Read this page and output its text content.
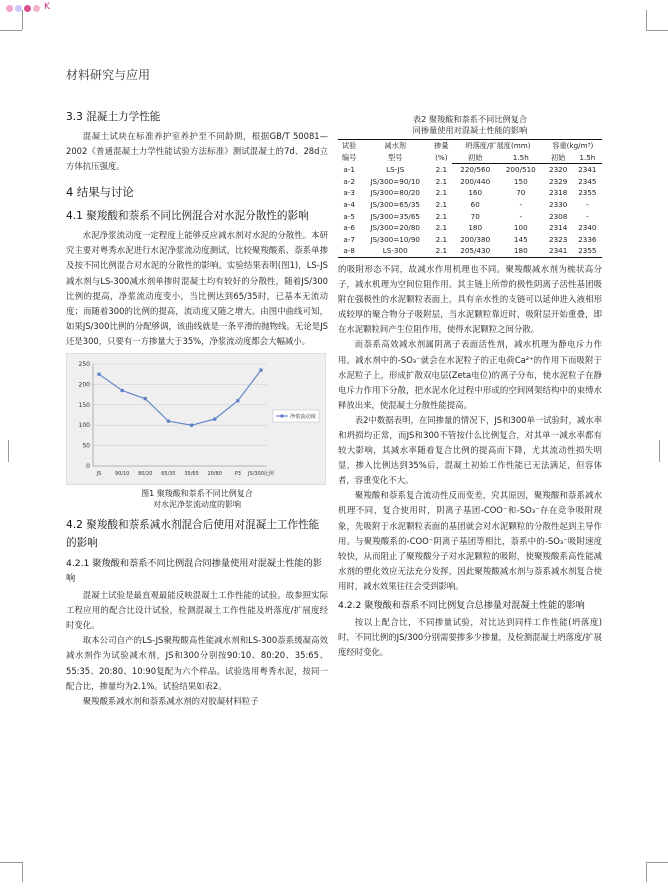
K
材料研究与应用
3.3 混凝土力学性能

混凝土试块在标准养护室养护至不同龄期，根据GB/T 50081—2002《普通混凝土力学性能试验方法标准》测试混凝土的7d、28d立方体抗压强度。

4 结果与讨论
4.1 聚羧酸和萘系不同比例混合对水泥分散性的影响

水泥净浆流动度一定程度上能够反应减水剂对水泥的分散性。本研究主要对粤秀水泥进行水泥净浆流动度测试，比较聚羧酸系、萘系单掺及按不同比例混合对水泥的分散性的影响。实验结果表明(图1)，LS-JS减水剂与LS-300减水剂单掺时混凝土均有较好的分散性，随着JS/300比例的提高，净浆流动度变小，当比例达到65/35时，已基本无流动度；而随着300的比例的提高，流动度又随之增大。由图中曲线可知，如果JS/300比例的分配够调，该曲线就是一条平滑的抛物线。无论是JS还是300，只要有一方掺量大于35%，净浆流动度都会大幅减小。

0
50
100
150
200
250
JS	90/10 80/20 65/35 35/65 20/80	P3 JS/300比例
净浆流动度
图1 聚羧酸和萘系不同比例复合
对水泥净浆流动度的影响
4.2 聚羧酸和萘系减水剂混合后使用对混凝土工作性能的影响
4.2.1 聚羧酸和萘系不同比例混合同掺量使用对混凝土性能的影响

混凝土试验是最直观最能反映混凝土工作性能的试验。故参照实际工程应用的配合比设计试验，检测混凝土工作性能及坍落度/扩展度经时变化。

取本公司自产的LS-JS聚羧酸高性能减水剂和LS-300萘系缓凝高效减水剂作为试验减水剂，JS和300分别按90:10、80:20、35:65、55:35、20:80、10:90复配为六个样品。试验选用粤秀水泥，按同一配合比，掺量均为2.1%。试验结果如表2。

聚羧酸系减水剂和萘系减水剂的对胶凝材料粒子

表2 聚羧酸和萘系不同比例复合
同掺量使用对混凝土性能的影响
试验
编号	减水剂
型号	掺量
(%)	坍落度/扩展度(mm)		容重(kg/m³)	
			初始	1.5h	初始	1.5h
a-1	LS-JS	2.1	220/560	200/510	2320	2341
a-2	JS/300=90/10	2.1	200/440	150	2329	2345
a-3	JS/300=80/20	2.1	160	70	2318	2355
a-4	JS/300=65/35	2.1	60	-	2330	-
a-5	JS/300=35/65	2.1	70	-	2308	-
a-6	JS/300=20/80	2.1	180	100	2314	2340
a-7	JS/300=10/90	2.1	200/380	145	2323	2336
a-8	LS-300	2.1	205/430	180	2341	2355

的吸附形态不同，故减水作用机理也不同。聚羧酸减水剂为梳状高分子，减水机理为空间位阻作用。其主链上所带的极性阴离子活性基团吸附在强极性的水泥颗粒表面上，具有亲水性的支链可以延伸进入液相形成较厚的聚合物分子吸附层，当水泥颗粒靠近时，吸附层开始重叠，即在水泥颗粒间产生位阻作用，使得水泥颗粒之间分散。

而萘系高效减水剂属阴离子表面活性剂，减水机理为静电斥力作用。减水剂中的-SO₃⁻就会在水泥粒子的正电荷Ca²⁺的作用下而吸附于水泥粒子上，形成扩散双电层(Zeta电位)的离子分布，使水泥粒子在静电斥力作用下分散，把水泥水化过程中形成的空间网架结构中的束缚水释放出来，使混凝土分散性能提高。

表2中数据表明，在同掺量的情况下，JS和300单一试验时，减水率和坍损均正常，而JS和300不管按什么比例复合，对其单一减水率都有较大影响，其减水率随着复合比例的提高而下降，尤其流动性损失明显，掺入比例达到35%后，混凝土初始工作性能已无法满足，但容体者，容重变化不大。

聚羧酸和萘系复合流动性反而变差，究其原因，聚羧酸和萘系减水机理不同，复合使用时，阴离子基团-COO⁻和-SO₃⁻存在竞争吸附现象，先吸附于水泥颗粒表面的基团就会对水泥颗粒的分散性起到主导作用。与聚羧酸系的-COO⁻阴离子基团等相比，萘系中的-SO₃⁻吸附速度较快，从而阻止了聚羧酸分子对水泥颗粒的吸附，使聚羧酸系高性能减水剂的塑化效应无法充分发挥，因此聚羧酸减水剂与萘系减水剂复合使用时，减水效果往往会受到影响。

4.2.2 聚羧酸和萘系不同比例复合总掺量对混凝土性能的影响

按以上配合比，不同掺量试验，对比达到同样工作性能(坍落度)时，不同比例的JS/300分别需要掺多少掺量，及检测混凝土坍落度/扩展度经时变化。
